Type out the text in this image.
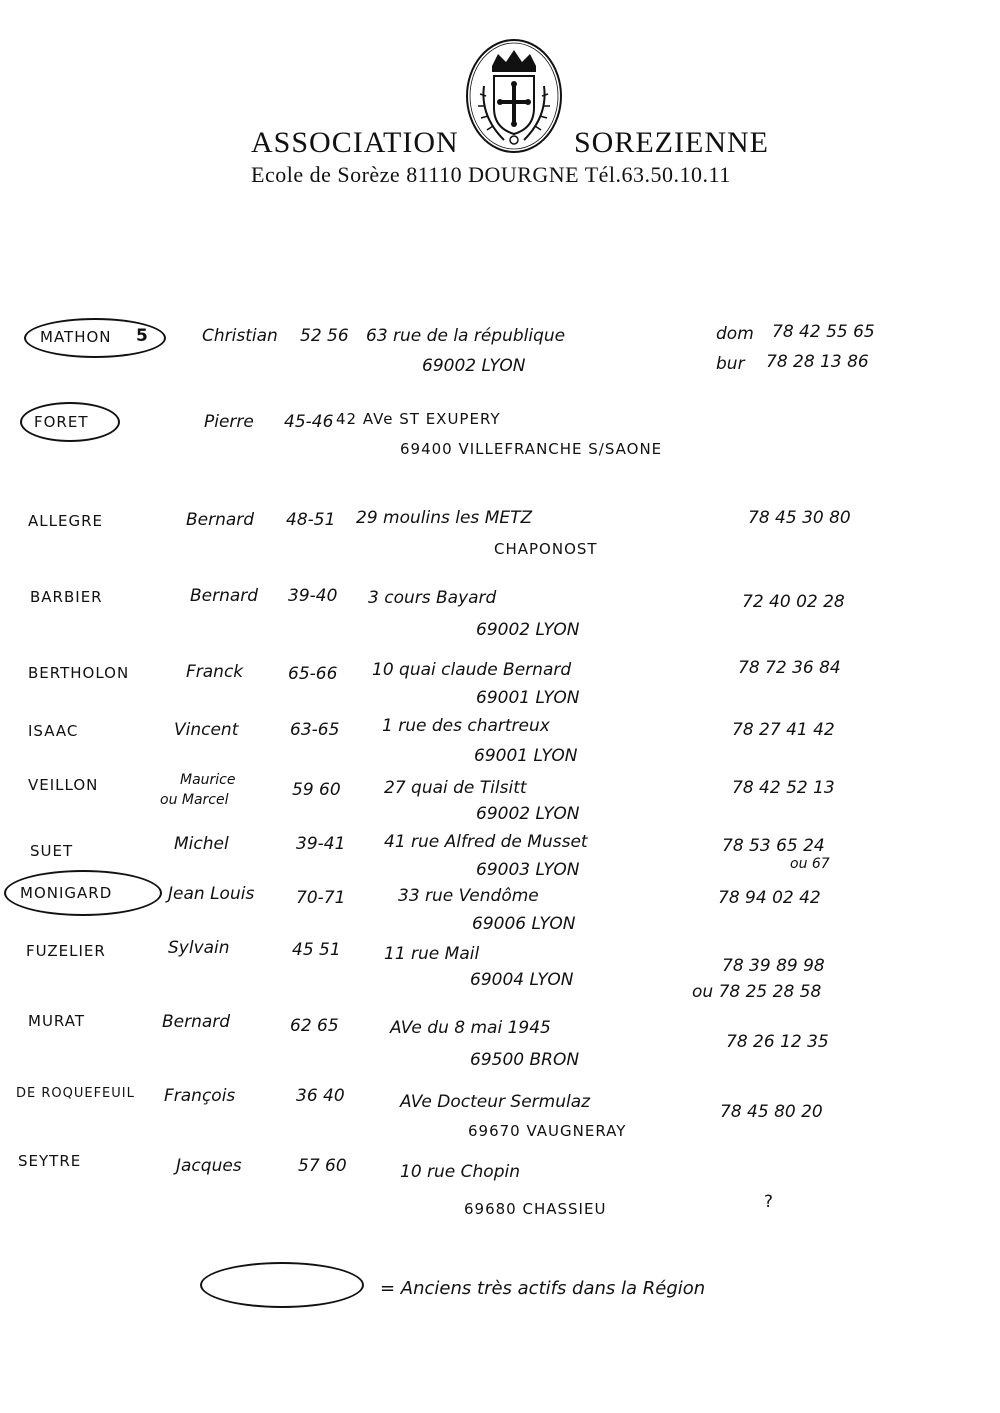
ASSOCIATION	SOREZIENNE
Ecole de Sorèze 81110 DOURGNE Tél.63.50.10.11
MATHON 5	Christian 52 56 63 rue de la république
69002 LYON
dom 78 42 55 65
bur 78 28 13 86
FORET	Pierre 45-46 42 AVe ST EXUPERY
69400 VILLEFRANCHE S/SAONE
ALLEGRE	Bernard 48-51 29 moulins les METZ
CHAPONOST
78 45 30 80
BARBIER	Bernard 39-40 3 cours Bayard
69002 LYON
72 40 02 28
BERTHOLON	Franck	65-66 10 quai claude Bernard
69001 LYON
78 72 36 84
ISAAC	Vincent	63-65	1 rue des chartreux
69001 LYON
78 27 41 42
VEILLON	Maurice
ou Marcel	59 60	27 quai de Tilsitt
69002 LYON
78 42 52 13
SUET	Michel	39-41 41 rue Alfred de Musset
69003 LYON
78 53 65 24
ou 67
MONIGARD	Jean Louis 70-71	33 rue Vendôme
69006 LYON
78 94 02 42
FUZELIER	Sylvain	45 51	11 rue Mail
69004 LYON
78 39 89 98
ou 78 25 28 58
MURAT	Bernard	62 65	AVe du 8 mai 1945
69500 BRON
78 26 12 35
DE ROQUEFEUIL François	36 40	AVe Docteur Sermulaz
69670 VAUGNERAY
78 45 80 20
SEYTRE	Jacques	57 60	10 rue Chopin
69680 CHASSIEU	?
= Anciens très actifs dans la Région
